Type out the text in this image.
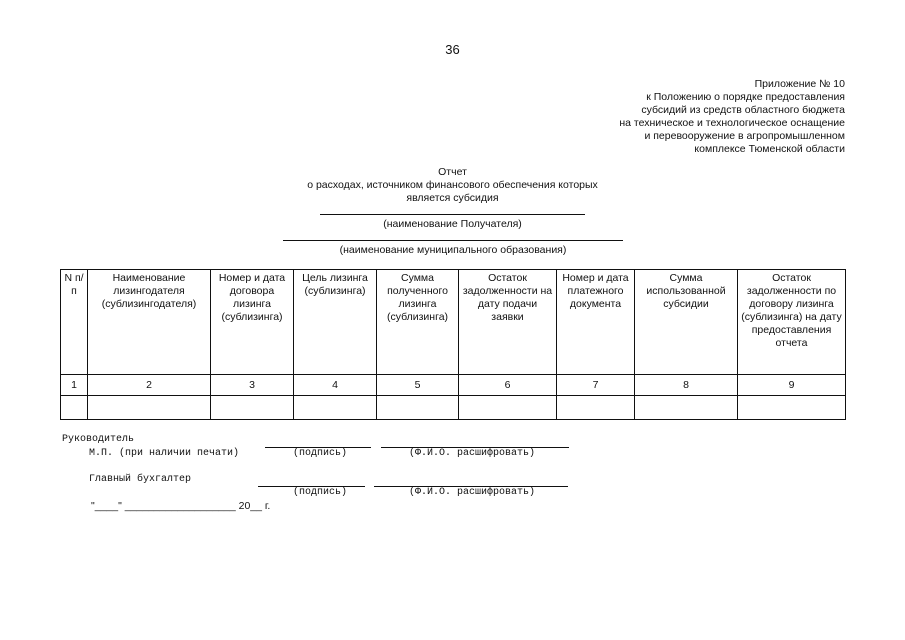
36
Приложение № 10
к Положению о порядке предоставления
субсидий из средств областного бюджета
на техническое и технологическое оснащение
и перевооружение в агропромышленном
комплексе Тюменской области
Отчет
о расходах, источником финансового обеспечения которых
является субсидия
(наименование Получателя)
(наименование муниципального образования)
N п/п	Наименование лизингодателя (сублизингодателя)	Номер и дата договора лизинга (сублизинга)	Цель лизинга (сублизинга)	Сумма полученного лизинга (сублизинга)	Остаток задолженности на дату подачи заявки	Номер и дата платежного документа	Сумма использованной субсидии	Остаток задолженности по договору лизинга (сублизинга) на дату предоставления отчета
1	2	3	4	5	6	7	8	9

Руководитель
М.П. (при наличии печати)	(подпись)	(Ф.И.О. расшифровать)
Главный бухгалтер
(подпись)	(Ф.И.О. расшифровать)
"____" ___________________ 20__ г.
